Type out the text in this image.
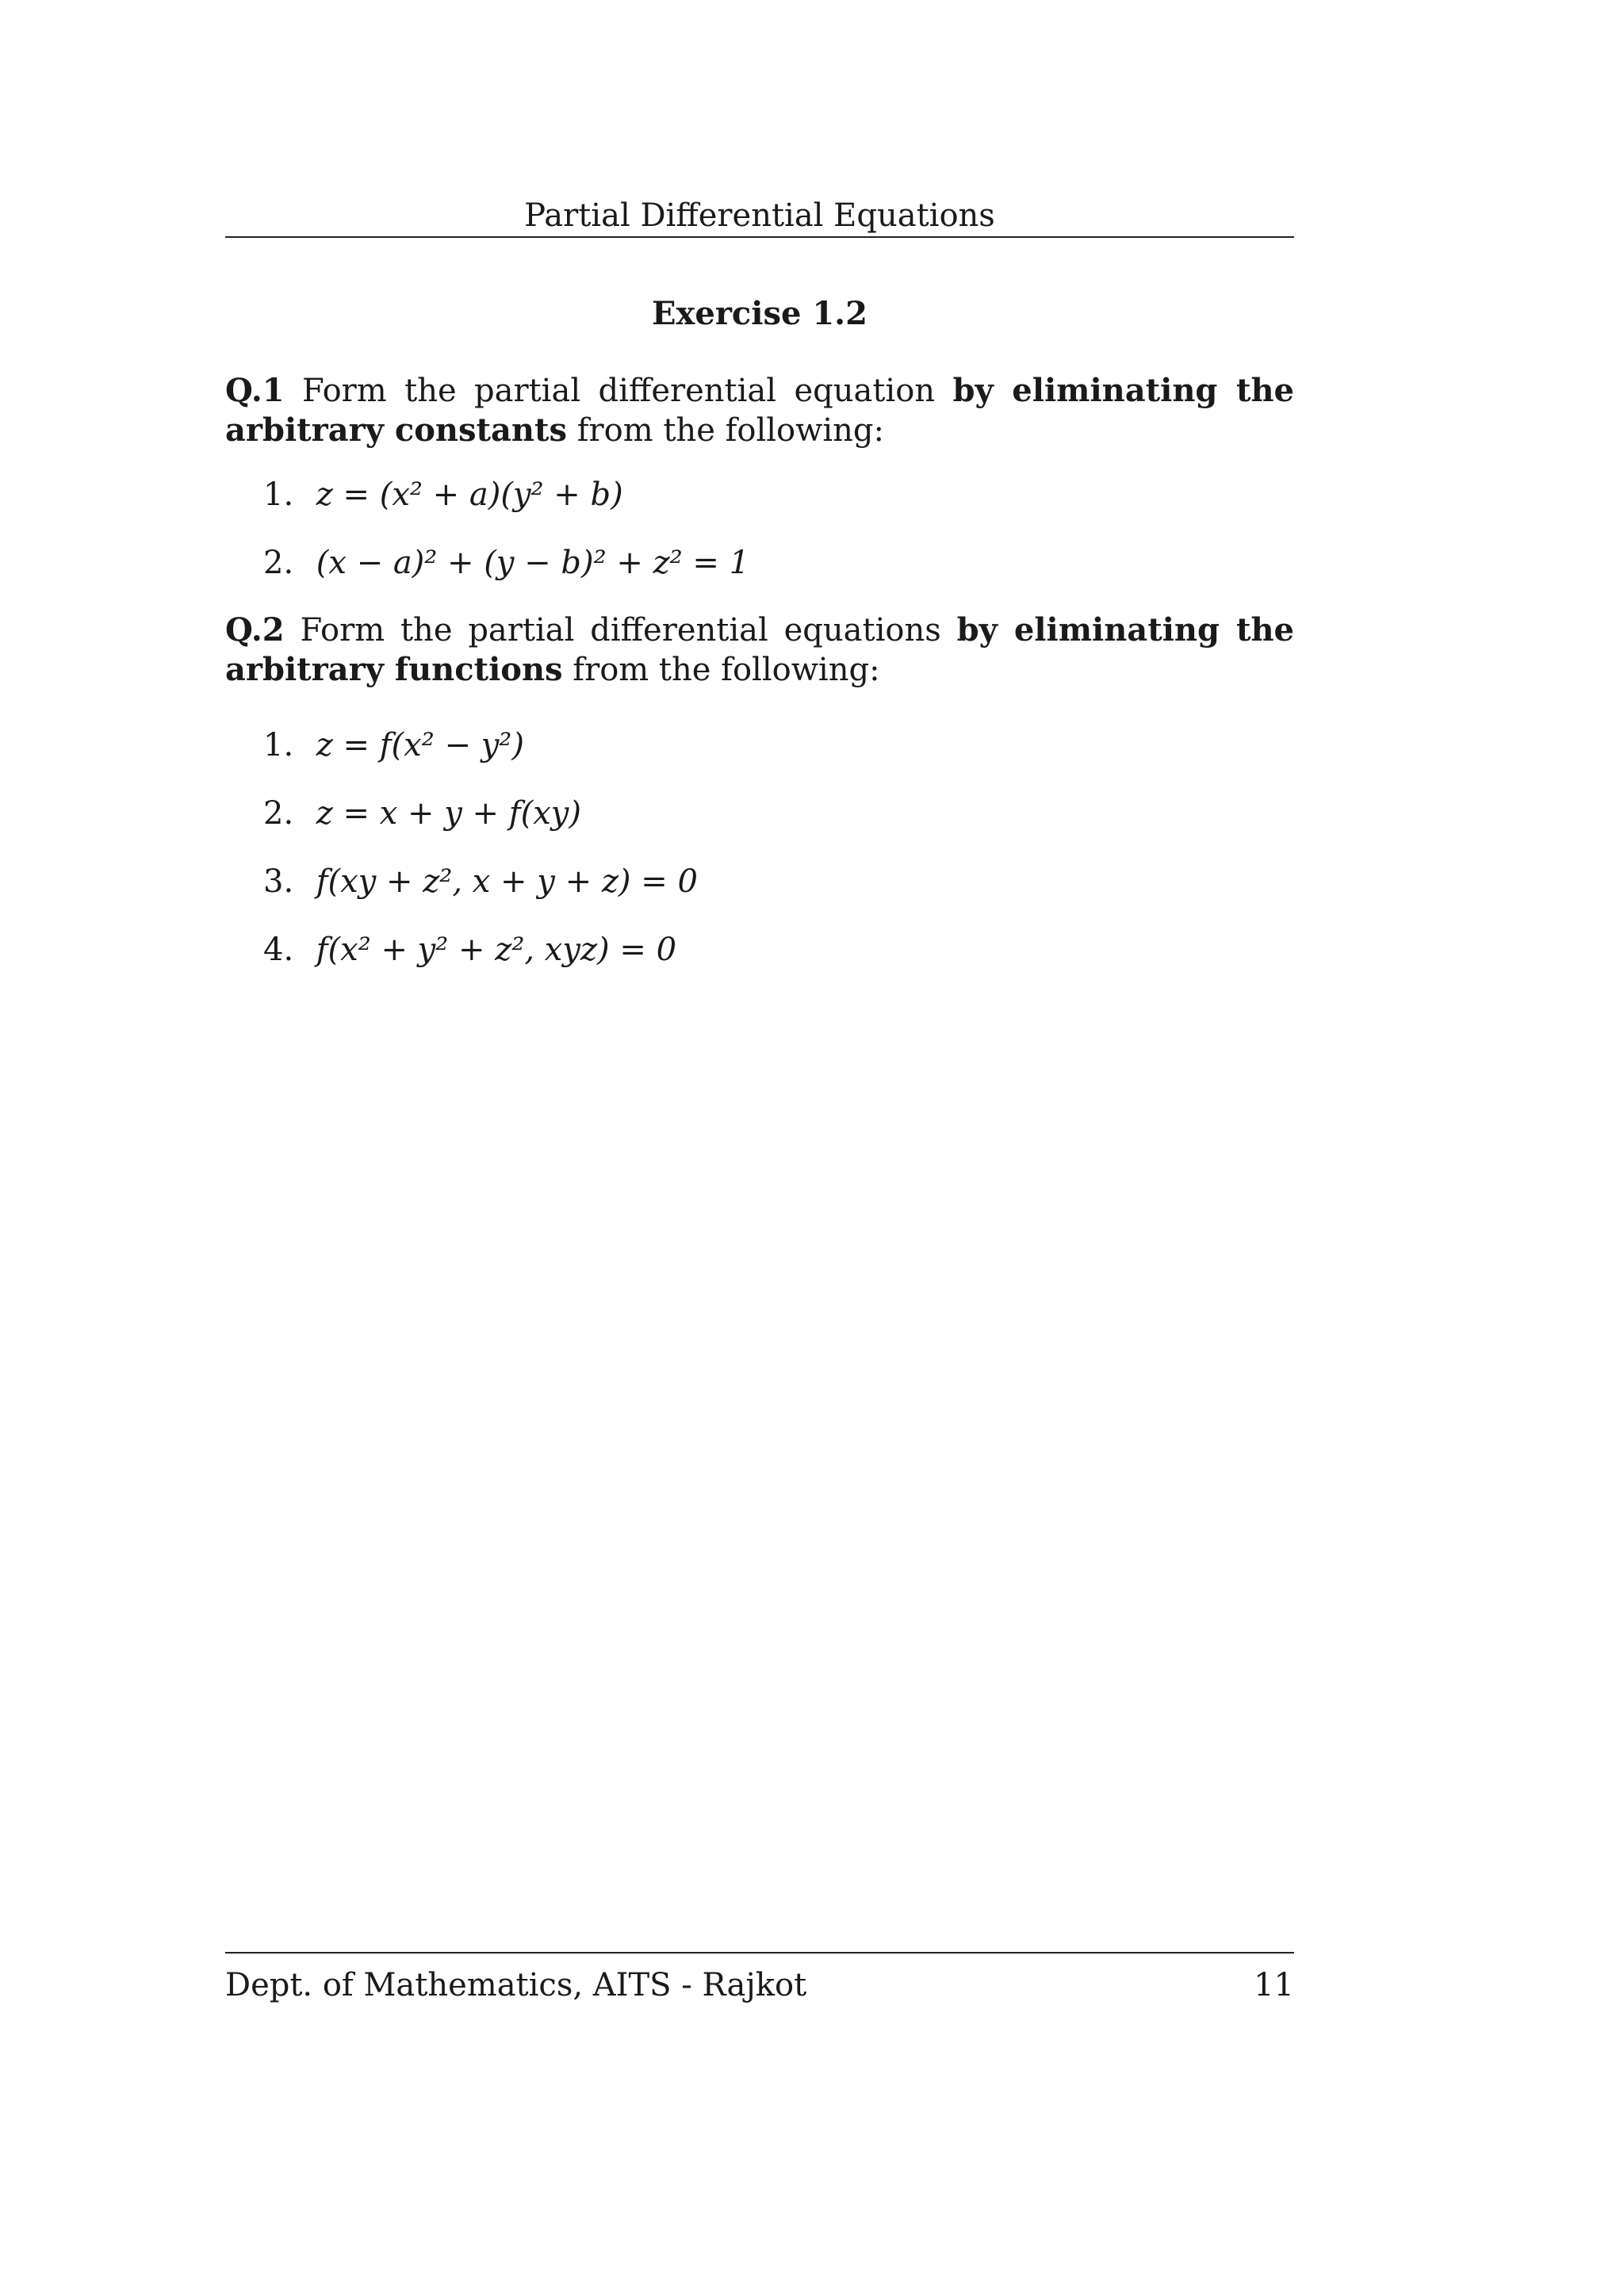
Partial Differential Equations
Exercise 1.2
Q.1 Form the partial differential equation by eliminating the arbitrary constants from the following:
1. z = (x² + a)(y² + b)
2. (x − a)² + (y − b)² + z² = 1
Q.2 Form the partial differential equations by eliminating the arbitrary functions from the following:
1. z = f(x² − y²)
2. z = x + y + f(xy)
3. f(xy + z², x + y + z) = 0
4. f(x² + y² + z², xyz) = 0
Dept. of Mathematics, AITS - Rajkot	11
